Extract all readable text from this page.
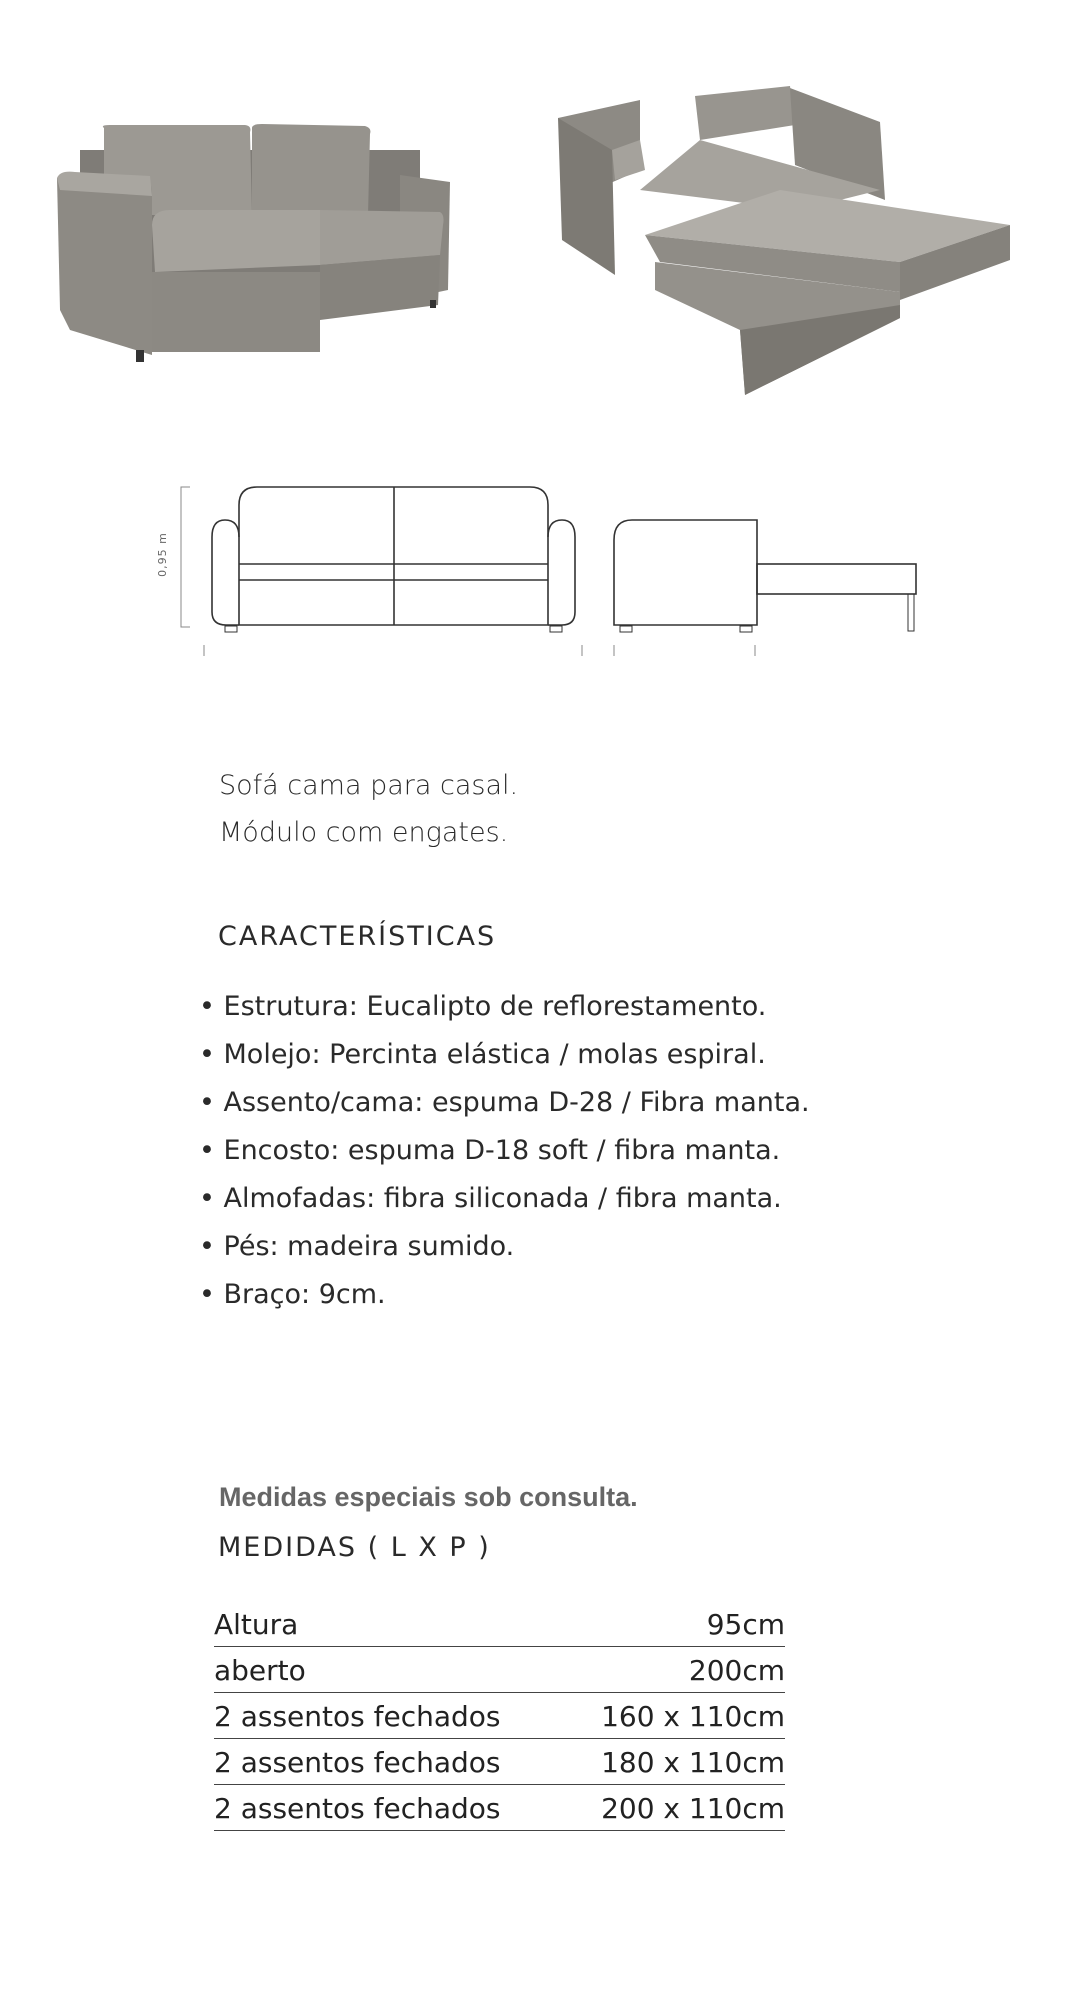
0,95 m
Sofá cama para casal.
Módulo com engates.
CARACTERÍSTICAS
• Estrutura: Eucalipto de reflorestamento.
• Molejo: Percinta elástica / molas espiral.
• Assento/cama: espuma D-28 / Fibra manta.
• Encosto: espuma D-18 soft / fibra manta.
• Almofadas: fibra siliconada / fibra manta.
• Pés: madeira sumido.
• Braço: 9cm.
Medidas especiais sob consulta.
MEDIDAS ( L X P )
Altura	95cm
aberto	200cm
2 assentos fechados	160 x 110cm
2 assentos fechados	180 x 110cm
2 assentos fechados	200 x 110cm
